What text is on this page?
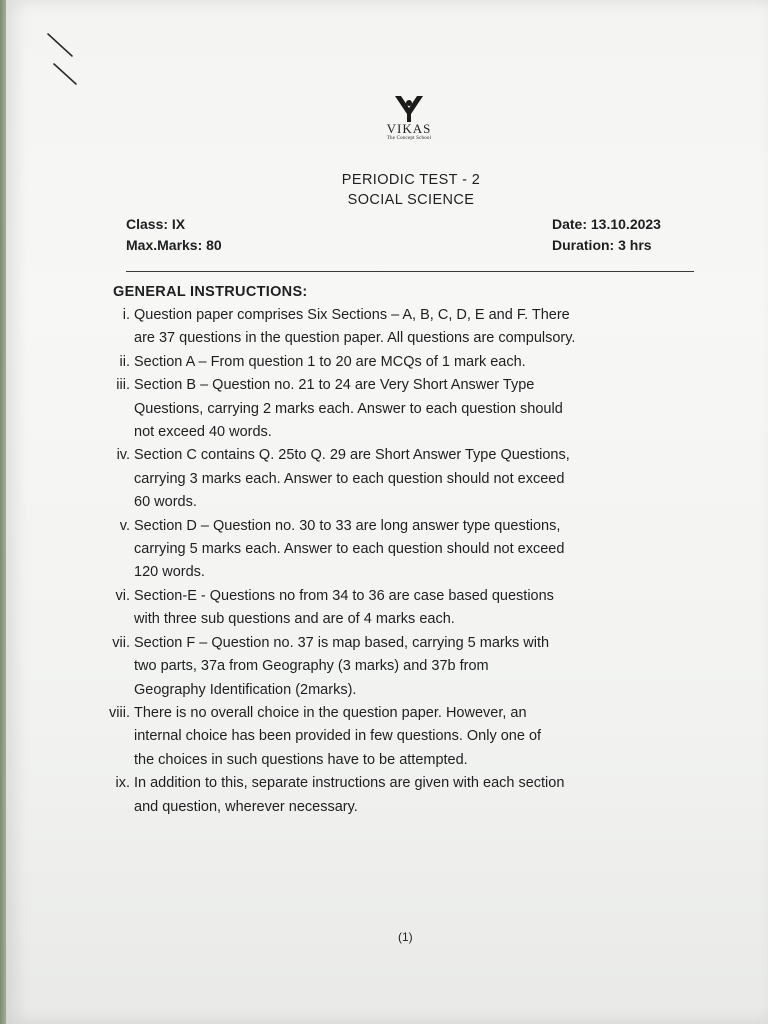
VIKAS
The Concept School
PERIODIC TEST - 2
SOCIAL SCIENCE
Class: IX
Max.Marks: 80
Date: 13.10.2023
Duration: 3 hrs
GENERAL INSTRUCTIONS:
i. Question paper comprises Six Sections – A, B, C, D, E and F. There
are 37 questions in the question paper. All questions are compulsory.
ii. Section A – From question 1 to 20 are MCQs of 1 mark each.
iii. Section B – Question no. 21 to 24 are Very Short Answer Type
Questions, carrying 2 marks each. Answer to each question should
not exceed 40 words.
iv. Section C contains Q. 25to Q. 29 are Short Answer Type Questions,
carrying 3 marks each. Answer to each question should not exceed
60 words.
v. Section D – Question no. 30 to 33 are long answer type questions,
carrying 5 marks each. Answer to each question should not exceed
120 words.
vi. Section-E - Questions no from 34 to 36 are case based questions
with three sub questions and are of 4 marks each.
vii. Section F – Question no. 37 is map based, carrying 5 marks with
two parts, 37a from Geography (3 marks) and 37b from
Geography Identification (2marks).
viii. There is no overall choice in the question paper. However, an
internal choice has been provided in few questions. Only one of
the choices in such questions have to be attempted.
ix. In addition to this, separate instructions are given with each section
and question, wherever necessary.
(1)
